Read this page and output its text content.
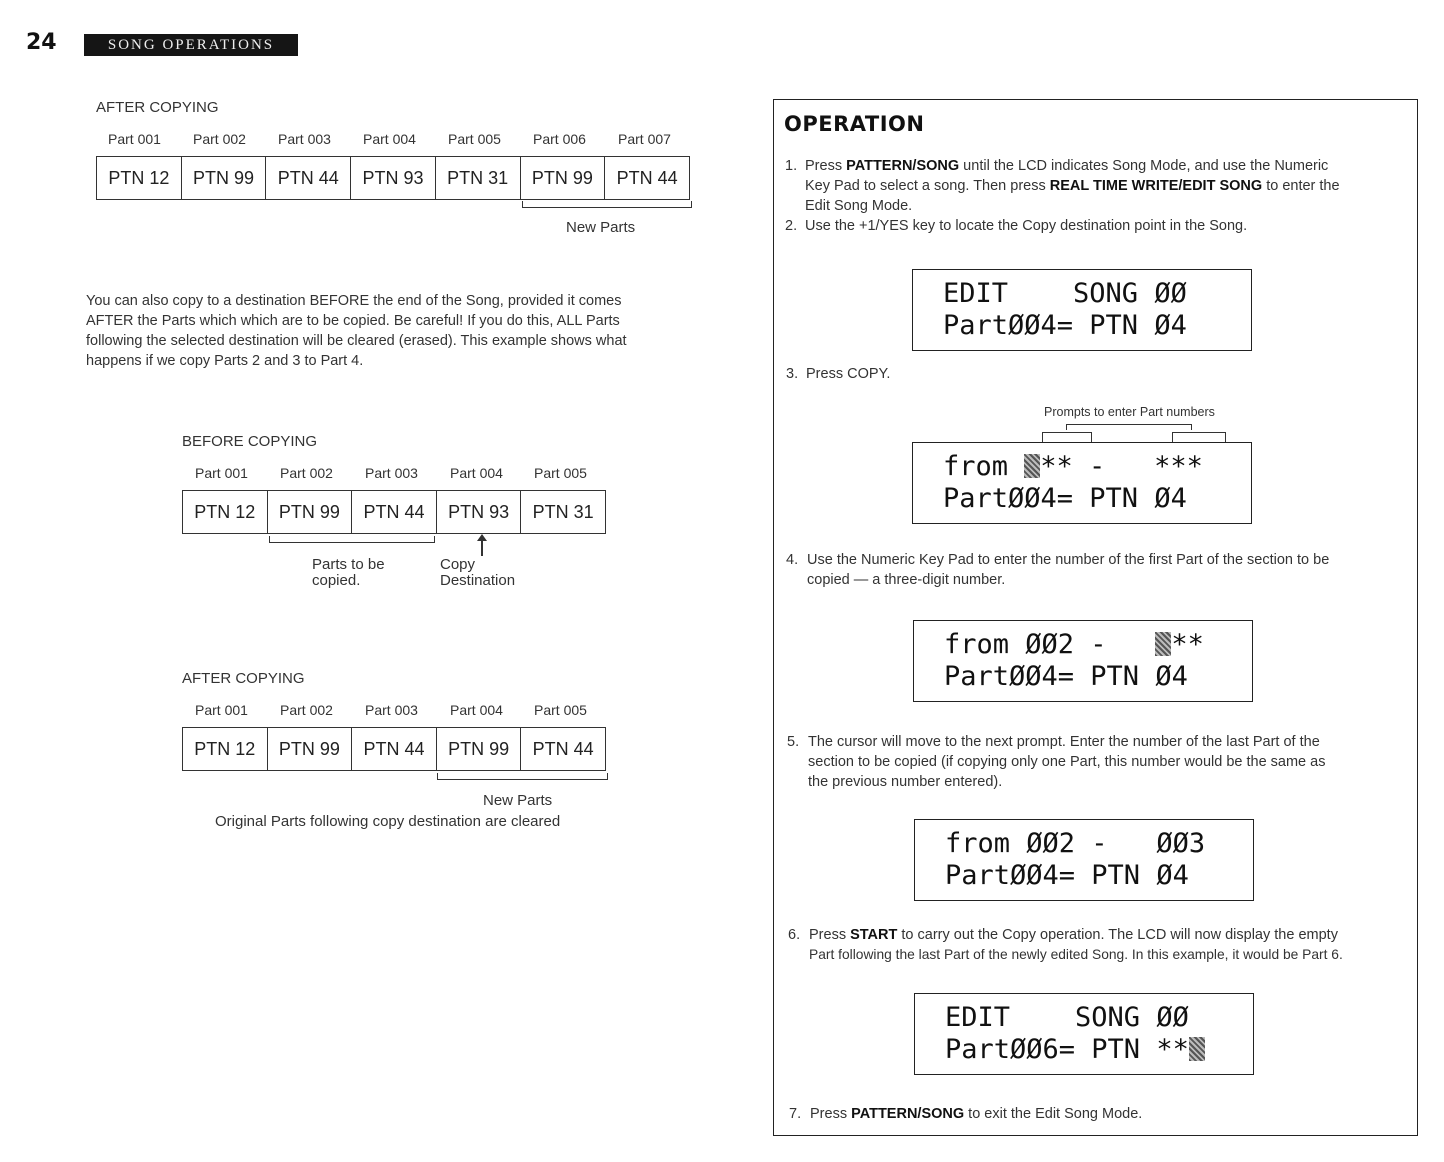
24	SONG OPERATIONS
AFTER COPYING
Part 001 Part 002 Part 003 Part 004 Part 005 Part 006 Part 007
PTN 12	PTN 99	PTN 44	PTN 93	PTN 31	PTN 99	PTN 44
New Parts
You can also copy to a destination BEFORE the end of the Song, provided it comes
AFTER the Parts which which are to be copied. Be careful! If you do this, ALL Parts
following the selected destination will be cleared (erased). This example shows what
happens if we copy Parts 2 and 3 to Part 4.
BEFORE COPYING
Part 001 Part 002 Part 003 Part 004 Part 005
PTN 12	PTN 99	PTN 44	PTN 93	PTN 31
Parts to be
copied.
Copy
Destination
AFTER COPYING
Part 001 Part 002 Part 003 Part 004 Part 005
PTN 12	PTN 99	PTN 44	PTN 99	PTN 44
New Parts
Original Parts following copy destination are cleared
OPERATION
1. Press PATTERN/SONG until the LCD indicates Song Mode, and use the Numeric
Key Pad to select a song. Then press REAL TIME WRITE/EDIT SONG to enter the
Edit Song Mode.
2. Use the +1/YES key to locate the Copy destination point in the Song.
EDIT    SONG ØØ
PartØØ4= PTN Ø4
3. Press COPY.
Prompts to enter Part numbers
from ** -   ***
PartØØ4= PTN Ø4
4. Use the Numeric Key Pad to enter the number of the first Part of the section to be
copied — a three-digit number.
from ØØ2 -   **
PartØØ4= PTN Ø4
5. The cursor will move to the next prompt. Enter the number of the last Part of the
section to be copied (if copying only one Part, this number would be the same as
the previous number entered).
from ØØ2 -   ØØ3
PartØØ4= PTN Ø4
6. Press START to carry out the Copy operation. The LCD will now display the empty
Part following the last Part of the newly edited Song. In this example, it would be Part 6.
EDIT    SONG ØØ
PartØØ6= PTN **
7. Press PATTERN/SONG to exit the Edit Song Mode.
